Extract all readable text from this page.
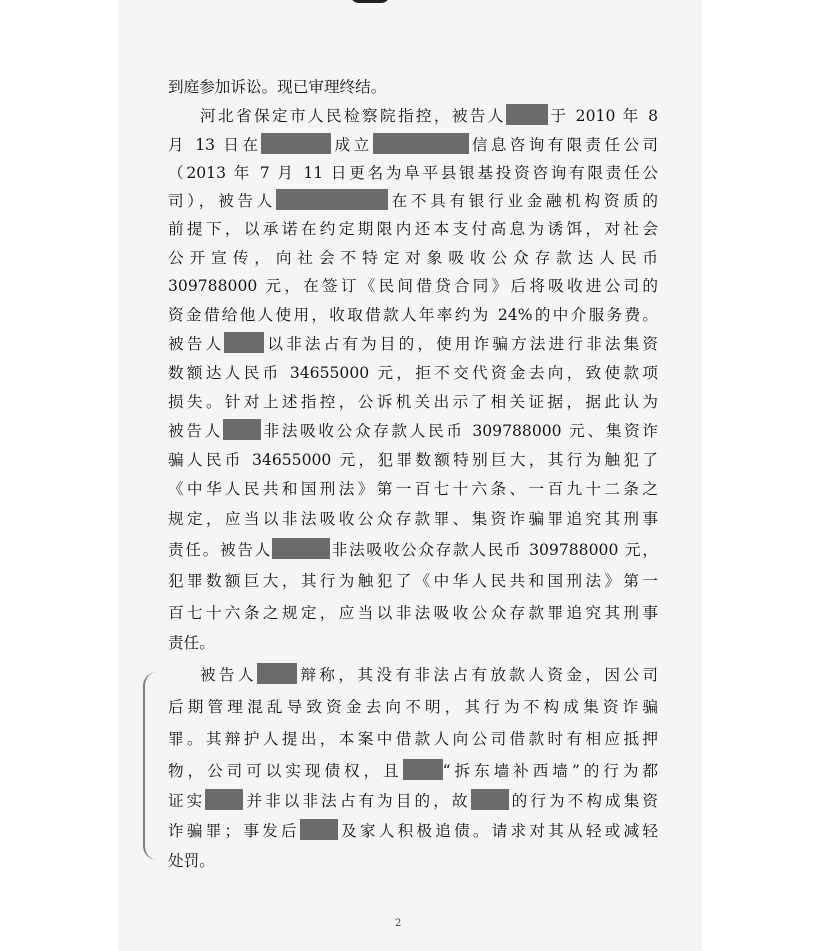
到庭参加诉讼。现已审理终结。
河北省保定市人民检察院指控，被告人	于 2010 年 8
月 13 日在	成立	信息咨询有限责任公司
（2013 年 7 月 11 日更名为阜平县银基投资咨询有限责任公
司），被告人	在不具有银行业金融机构资质的
前提下，以承诺在约定期限内还本支付高息为诱饵，对社会
公开宣传，向社会不特定对象吸收公众存款达人民币
309788000 元，在签订《民间借贷合同》后将吸收进公司的
资金借给他人使用，收取借款人年率约为 24%的中介服务费。
被告人	以非法占有为目的，使用诈骗方法进行非法集资
数额达人民币 34655000 元，拒不交代资金去向，致使款项
损失。针对上述指控，公诉机关出示了相关证据，据此认为
被告人 非法吸收公众存款人民币 309788000 元、集资诈
骗人民币 34655000 元，犯罪数额特别巨大，其行为触犯了
《中华人民共和国刑法》第一百七十六条、一百九十二条之
规定，应当以非法吸收公众存款罪、集资诈骗罪追究其刑事
责任。被告人	非法吸收公众存款人民币 309788000 元，
犯罪数额巨大，其行为触犯了《中华人民共和国刑法》第一
百七十六条之规定，应当以非法吸收公众存款罪追究其刑事
责任。
被告人	辩称，其没有非法占有放款人资金，因公司
后期管理混乱导致资金去向不明，其行为不构成集资诈骗
罪。其辩护人提出，本案中借款人向公司借款时有相应抵押
物，公司可以实现债权，且	“拆东墙补西墙”的行为都
证实 并非以非法占有为目的，故 的行为不构成集资
诈骗罪；事发后 及家人积极追债。请求对其从轻或减轻
处罚。
2
